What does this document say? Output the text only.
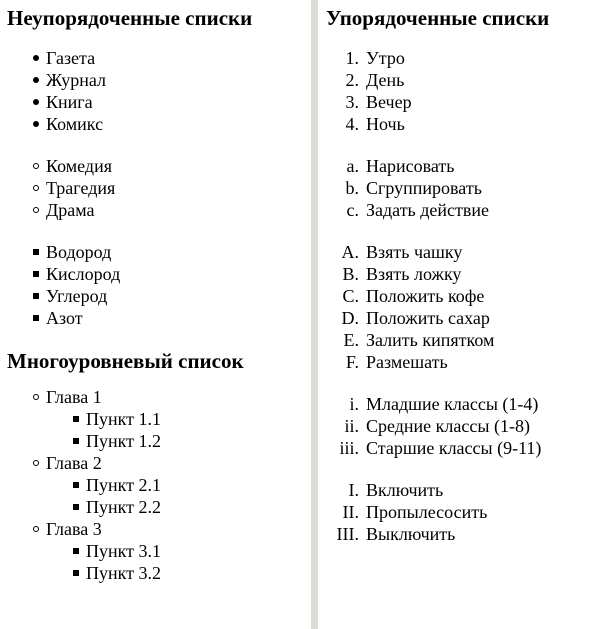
Неупорядоченные списки
Газета
Журнал
Книга
Комикс
Комедия
Трагедия
Драма
Водород
Кислород
Углерод
Азот
Многоуровневый список
Глава 1
Пункт 1.1
Пункт 1.2
Глава 2
Пункт 2.1
Пункт 2.2
Глава 3
Пункт 3.1
Пункт 3.2
Упорядоченные списки
1. Утро
2. День
3. Вечер
4. Ночь
a. Нарисовать
b. Сгруппировать
c. Задать действие
A. Взять чашку
B. Взять ложку
C. Положить кофе
D. Положить сахар
E. Залить кипятком
F. Размешать
i. Младшие классы (1-4)
ii. Средние классы (1-8)
iii. Старшие классы (9-11)
I. Включить
II. Пропылесосить
III. Выключить
